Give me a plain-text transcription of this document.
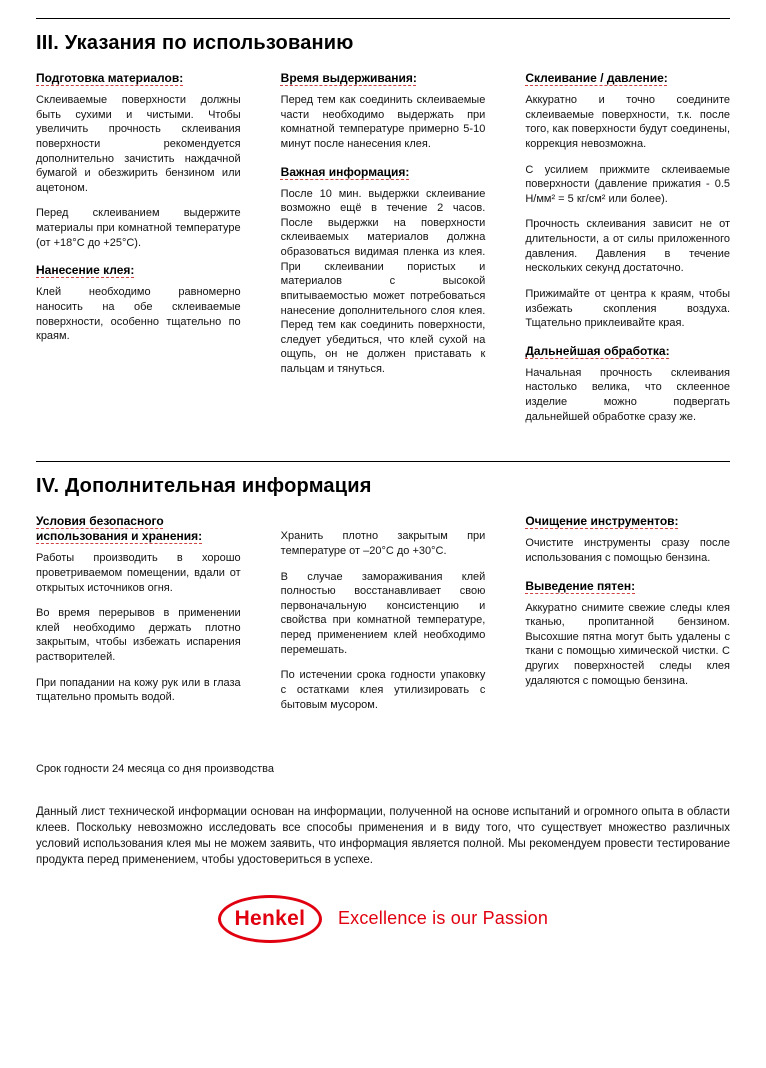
III. Указания по использованию
Подготовка материалов:

Склеиваемые поверхности должны быть сухими и чистыми. Чтобы увеличить прочность склеивания поверхности рекомендуется дополнительно зачистить наждачной бумагой и обезжирить бензином или ацетоном.

Перед склеиванием выдержите материалы при комнатной температуре (от +18°С до +25°С).

Нанесение клея:

Клей необходимо равномерно наносить на обе склеиваемые поверхности, особенно тщательно по краям.

Время выдерживания:

Перед тем как соединить склеиваемые части необходимо выдержать при комнатной температуре примерно 5-10 минут после нанесения клея.

Важная информация:

После 10 мин. выдержки склеивание возможно ещё в течение 2 часов. После выдержки на поверхности склеиваемых материалов должна образоваться видимая пленка из клея. При склеивании пористых и материалов с высокой впитываемостью может потребоваться нанесение дополнительного слоя клея. Перед тем как соединить поверхности, следует убедиться, что клей сухой на ощупь, он не должен приставать к пальцам и тянуться.

Склеивание / давление:

Аккуратно и точно соедините склеиваемые поверхности, т.к. после того, как поверхности будут соединены, коррекция невозможна.

С усилием прижмите склеиваемые поверхности (давление прижатия - 0.5 Н/мм² = 5 кг/см² или более).

Прочность склеивания зависит не от длительности, а от силы приложенного давления. Давления в течение нескольких секунд достаточно.

Прижимайте от центра к краям, чтобы избежать скопления воздуха. Тщательно приклеивайте края.

Дальнейшая обработка:

Начальная прочность склеивания настолько велика, что склеенное изделие можно подвергать дальнейшей обработке сразу же.

IV. Дополнительная информация
Условия безопасного использования и хранения:

Работы производить в хорошо проветриваемом помещении, вдали от открытых источников огня.

Во время перерывов в применении клей необходимо держать плотно закрытым, чтобы избежать испарения растворителей.

При попадании на кожу рук или в глаза тщательно промыть водой.

Хранить плотно закрытым при температуре от –20°C до +30°C.

В случае замораживания клей полностью восстанавливает свою первоначальную консистенцию и свойства при комнатной температуре, перед применением клей необходимо перемешать.

По истечении срока годности упаковку с остатками клея утилизировать с бытовым мусором.

Очищение инструментов:

Очистите инструменты сразу после использования с помощью бензина.

Выведение пятен:

Аккуратно снимите свежие следы клея тканью, пропитанной бензином. Высохшие пятна могут быть удалены с ткани с помощью химической чистки. С других поверхностей следы клея удаляются с помощью бензина.

Срок годности 24 месяца со дня производства

Данный лист технической информации основан на информации, полученной на основе испытаний и огромного опыта в области клеев. Поскольку невозможно исследовать все способы применения и в виду того, что существует множество различных условий использования клея мы не можем заявить, что информация является полной. Мы рекомендуем провести тестирование продукта перед применением, чтобы удостовериться в успехе.

Henkel Excellence is our Passion
